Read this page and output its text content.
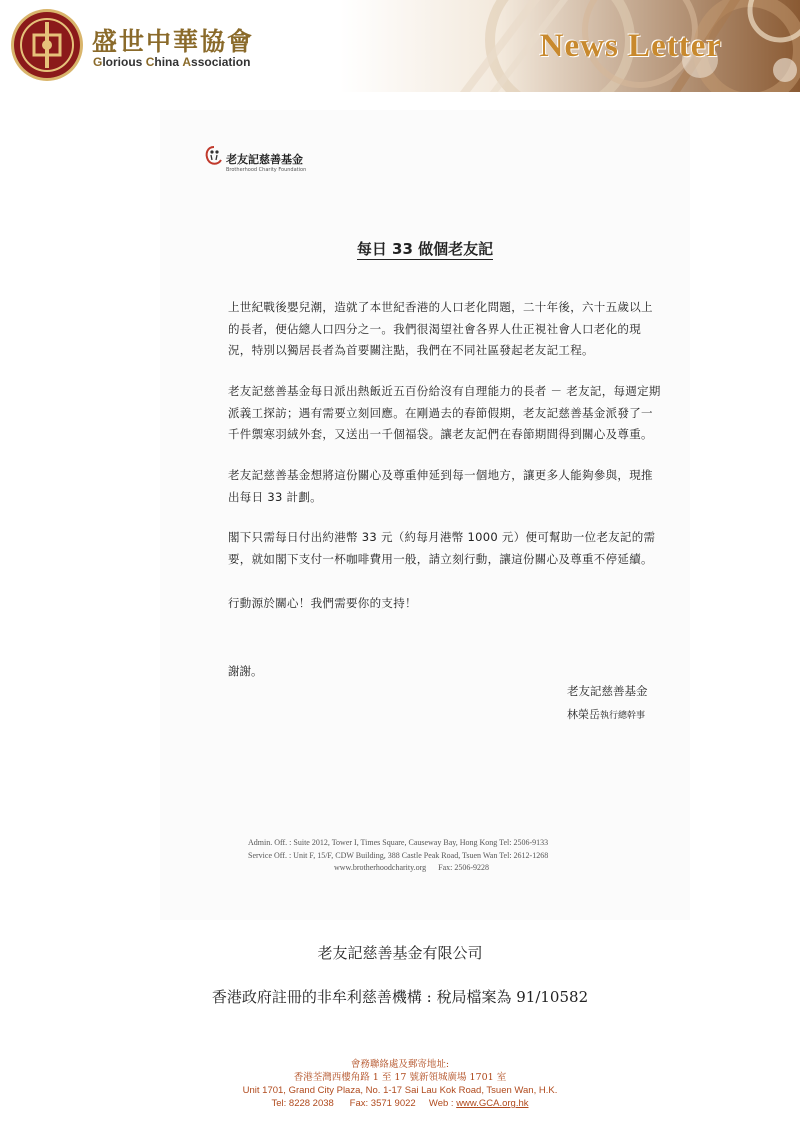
盛世中華協會
Glorious China Association	News Letter
老友記慈善基金
Brotherhood Charity Foundation
每日 33 做個老友記
上世紀戰後嬰兒潮，造就了本世紀香港的人口老化問題，二十年後，六十五歲以上的長者，便佔總人口四分之一。我們很渴望社會各界人仕正視社會人口老化的現況，特別以獨居長者為首要關注點，我們在不同社區發起老友記工程。
老友記慈善基金每日派出熱飯近五百份給沒有自理能力的長者 － 老友記，每週定期派義工探訪；遇有需要立刻回應。在剛過去的春節假期，老友記慈善基金派發了一千件禦寒羽絨外套，又送出一千個福袋。讓老友記們在春節期間得到關心及尊重。
老友記慈善基金想將這份關心及尊重伸延到每一個地方，讓更多人能夠參與，現推出每日 33 計劃。
閣下只需每日付出約港幣 33 元（約每月港幣 1000 元）便可幫助一位老友記的需要，就如閣下支付一杯咖啡費用一般，請立刻行動，讓這份關心及尊重不停延續。
行動源於關心！我們需要你的支持！
謝謝。
老友記慈善基金
林榮岳執行總幹事
Admin. Off. : Suite 2012, Tower I, Times Square, Causeway Bay, Hong Kong Tel: 2506-9133
Service Off. : Unit F, 15/F, CDW Building, 388 Castle Peak Road, Tsuen Wan Tel: 2612-1268
www.brotherhoodcharity.org      Fax: 2506-9228
老友記慈善基金有限公司
香港政府註冊的非牟利慈善機構 : 稅局檔案為 91/10582
會務聯絡處及郵寄地址:
香港荃灣西樓角路 1 至 17 號新領城廣場 1701 室
Unit 1701, Grand City Plaza, No. 1-17 Sai Lau Kok Road, Tsuen Wan, H.K.
Tel: 8228 2038 Fax: 3571 9022 Web : www.GCA.org.hk
